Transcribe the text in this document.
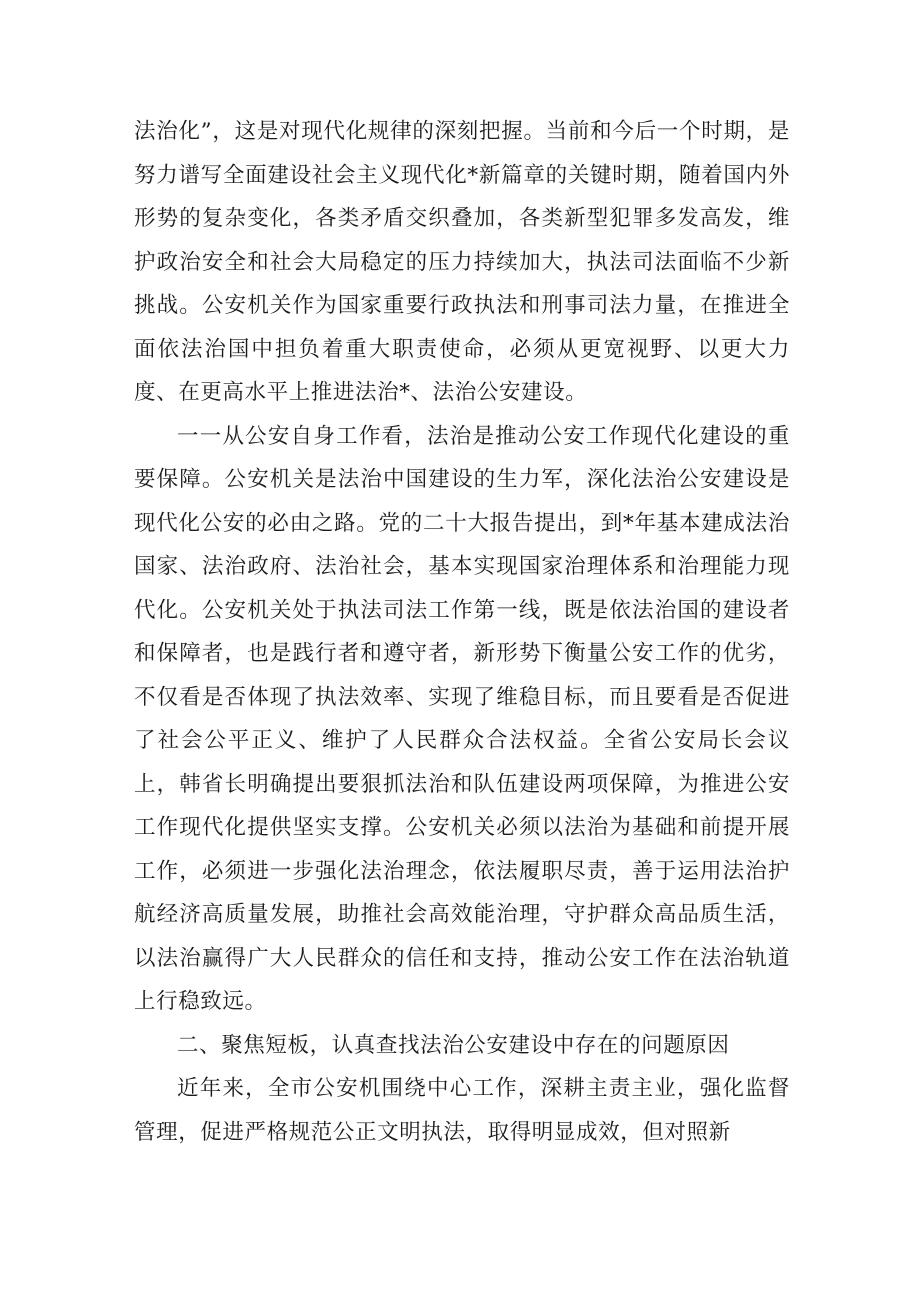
法治化”，这是对现代化规律的深刻把握。当前和今后一个时期，是努力谱写全面建设社会主义现代化*新篇章的关键时期，随着国内外形势的复杂变化，各类矛盾交织叠加，各类新型犯罪多发高发，维护政治安全和社会大局稳定的压力持续加大，执法司法面临不少新挑战。公安机关作为国家重要行政执法和刑事司法力量，在推进全面依法治国中担负着重大职责使命，必须从更宽视野、以更大力度、在更高水平上推进法治*、法治公安建设。

一一从公安自身工作看，法治是推动公安工作现代化建设的重要保障。公安机关是法治中国建设的生力军，深化法治公安建设是现代化公安的必由之路。党的二十大报告提出，到*年基本建成法治国家、法治政府、法治社会，基本实现国家治理体系和治理能力现代化。公安机关处于执法司法工作第一线，既是依法治国的建设者和保障者，也是践行者和遵守者，新形势下衡量公安工作的优劣，不仅看是否体现了执法效率、实现了维稳目标，而且要看是否促进了社会公平正义、维护了人民群众合法权益。全省公安局长会议上，韩省长明确提出要狠抓法治和队伍建设两项保障，为推进公安工作现代化提供坚实支撑。公安机关必须以法治为基础和前提开展工作，必须进一步强化法治理念，依法履职尽责，善于运用法治护航经济高质量发展，助推社会高效能治理，守护群众高品质生活，以法治赢得广大人民群众的信任和支持，推动公安工作在法治轨道上行稳致远。

二、聚焦短板，认真查找法治公安建设中存在的问题原因

近年来，全市公安机围绕中心工作，深耕主责主业，强化监督管理，促进严格规范公正文明执法，取得明显成效，但对照新
